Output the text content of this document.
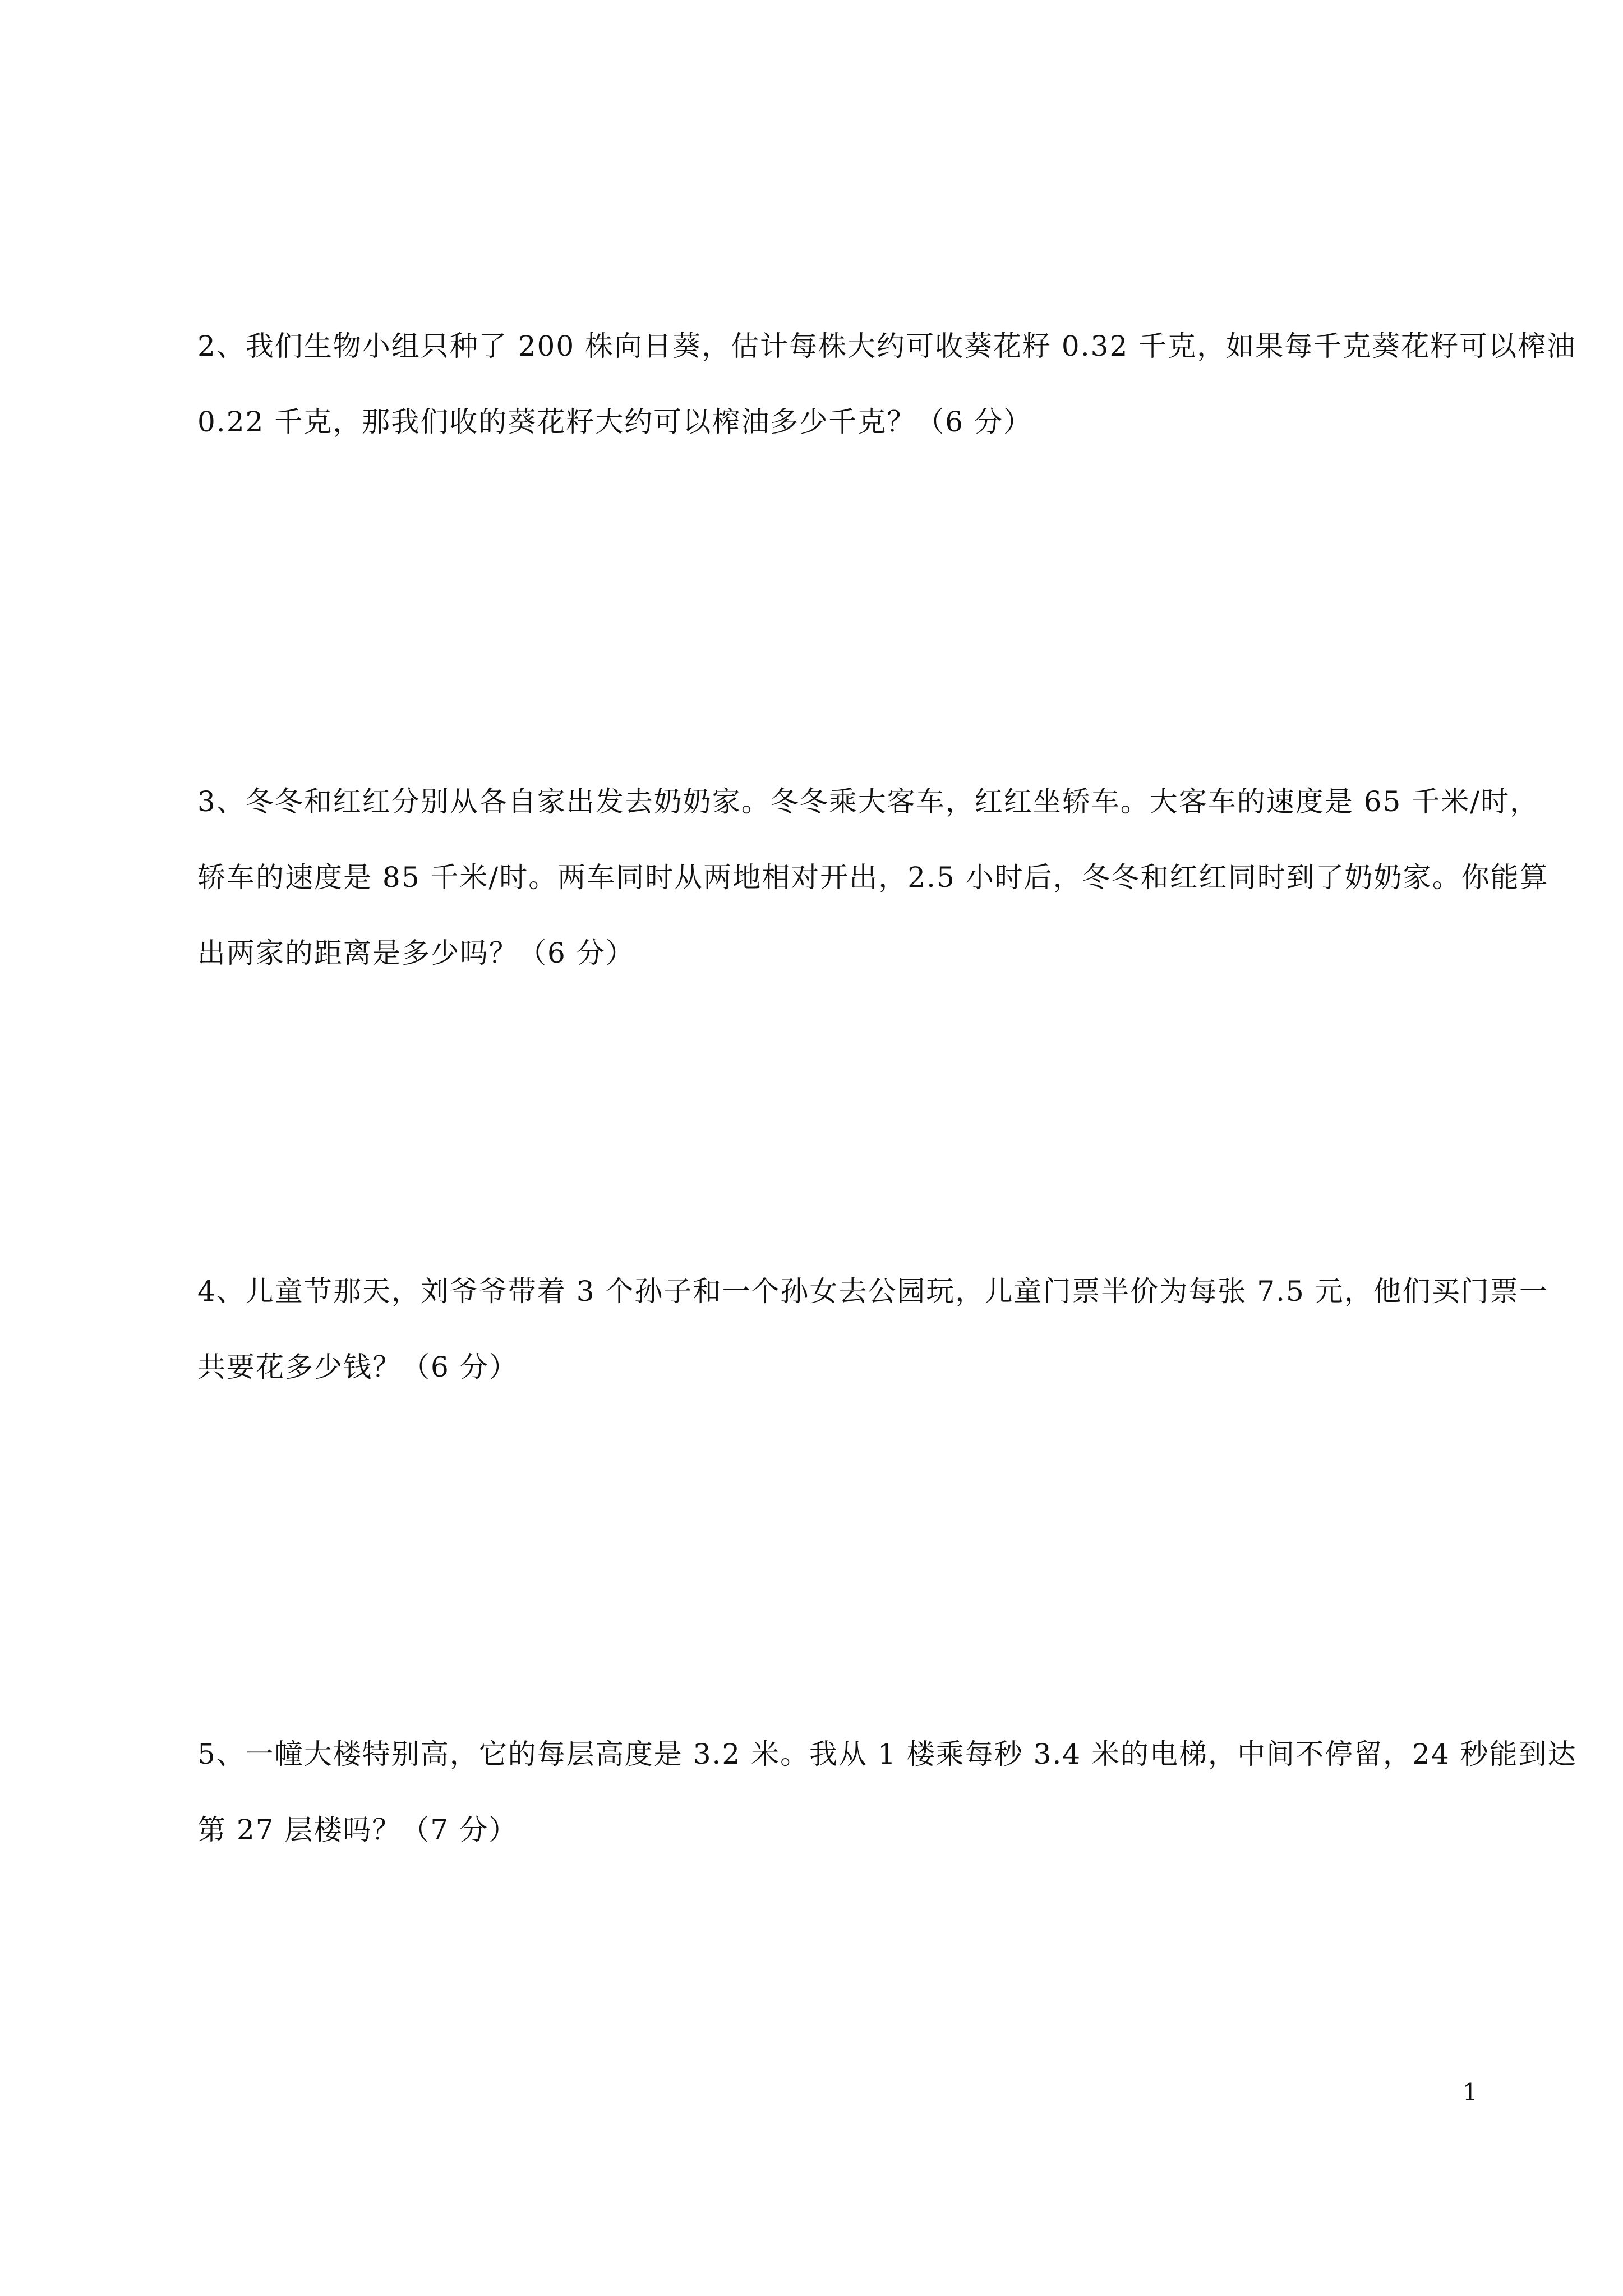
2、我们生物小组只种了 200 株向日葵，估计每株大约可收葵花籽 0.32 千克，如果每千克葵花籽可以榨油
0.22 千克，那我们收的葵花籽大约可以榨油多少千克？（6 分）

3、冬冬和红红分别从各自家出发去奶奶家。冬冬乘大客车，红红坐轿车。大客车的速度是 65 千米/时，
轿车的速度是 85 千米/时。两车同时从两地相对开出，2.5 小时后，冬冬和红红同时到了奶奶家。你能算
出两家的距离是多少吗？（6 分）

4、儿童节那天，刘爷爷带着 3 个孙子和一个孙女去公园玩，儿童门票半价为每张 7.5 元，他们买门票一
共要花多少钱？（6 分）

5、一幢大楼特别高，它的每层高度是 3.2 米。我从 1 楼乘每秒 3.4 米的电梯，中间不停留，24 秒能到达
第 27 层楼吗？（7 分）

1
